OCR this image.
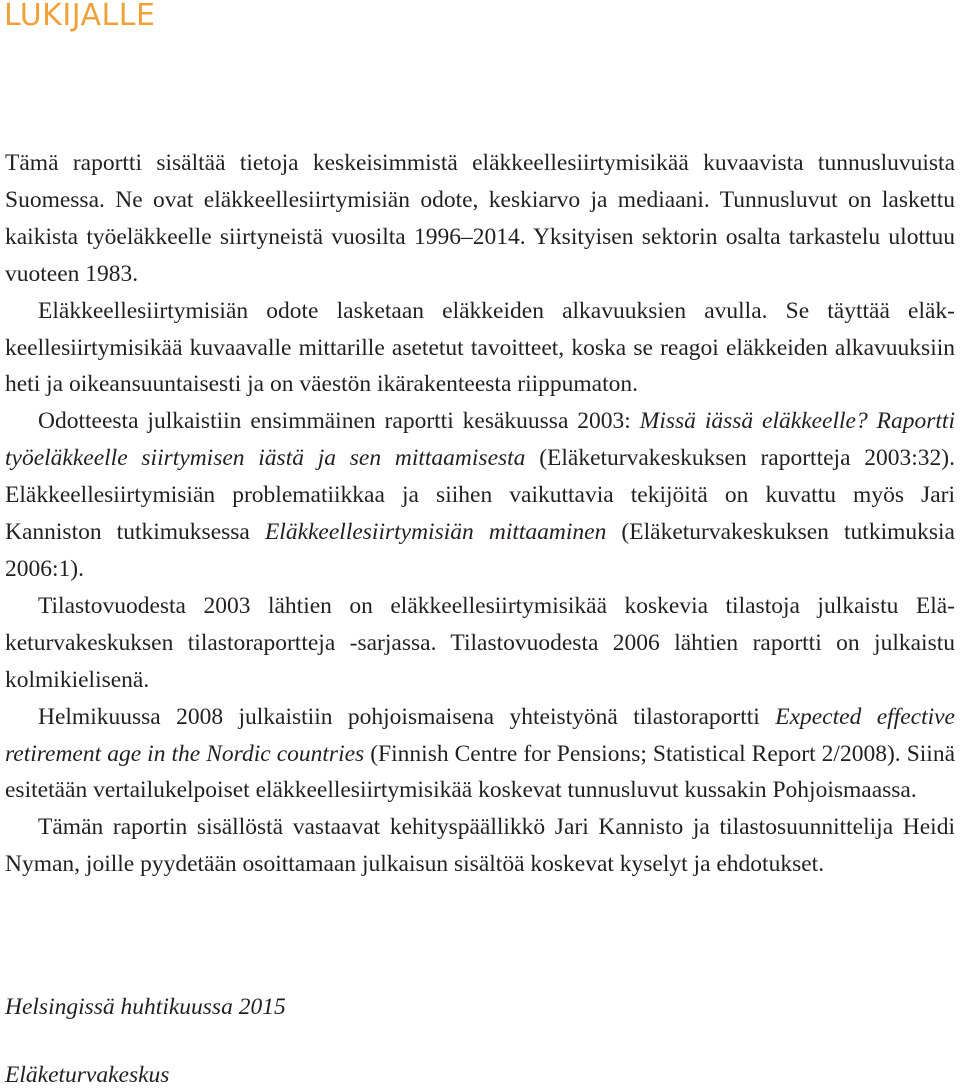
LUKIJALLE

Tämä raportti sisältää tietoja keskeisimmistä eläkkeellesiirtymisikää kuvaavista tunnusluvuista Suomessa. Ne ovat eläkkeellesiirtymisiän odote, keskiarvo ja mediaani. Tunnusluvut on laskettu kaikista työeläkkeelle siirtyneistä vuosilta 1996–2014. Yksityisen sektorin osalta tarkastelu ulottuu vuoteen 1983.

Eläkkeellesiirtymisiän odote lasketaan eläkkeiden alkavuuksien avulla. Se täyttää eläkkeellesiirtymisikää kuvaavalle mittarille asetetut tavoitteet, koska se reagoi eläkkeiden alkavuuksiin heti ja oikeansuuntaisesti ja on väestön ikärakenteesta riippumaton.

Odotteesta julkaistiin ensimmäinen raportti kesäkuussa 2003: Missä iässä eläkkeelle? Raportti työeläkkeelle siirtymisen iästä ja sen mittaamisesta (Eläketurvakeskuksen raportteja 2003:32). Eläkkeellesiirtymisiän problematiikkaa ja siihen vaikuttavia tekijöitä on kuvattu myös Jari Kanniston tutkimuksessa Eläkkeellesiirtymisiän mittaaminen (Eläketurvakeskuksen tutkimuksia 2006:1).

Tilastovuodesta 2003 lähtien on eläkkeellesiirtymisikää koskevia tilastoja julkaistu Eläketurvakeskuksen tilastoraportteja -sarjassa. Tilastovuodesta 2006 lähtien raportti on julkaistu kolmikielisenä.

Helmikuussa 2008 julkaistiin pohjoismaisena yhteistyönä tilastoraportti Expected effective retirement age in the Nordic countries (Finnish Centre for Pensions; Statistical Report 2/2008). Siinä esitetään vertailukelpoiset eläkkeellesiirtymisikää koskevat tunnusluvut kussakin Pohjoismaassa.

Tämän raportin sisällöstä vastaavat kehityspäällikkö Jari Kannisto ja tilastosuunnittelija Heidi Nyman, joille pyydetään osoittamaan julkaisun sisältöä koskevat kyselyt ja ehdotukset.

Helsingissä huhtikuussa 2015

Eläketurvakeskus
